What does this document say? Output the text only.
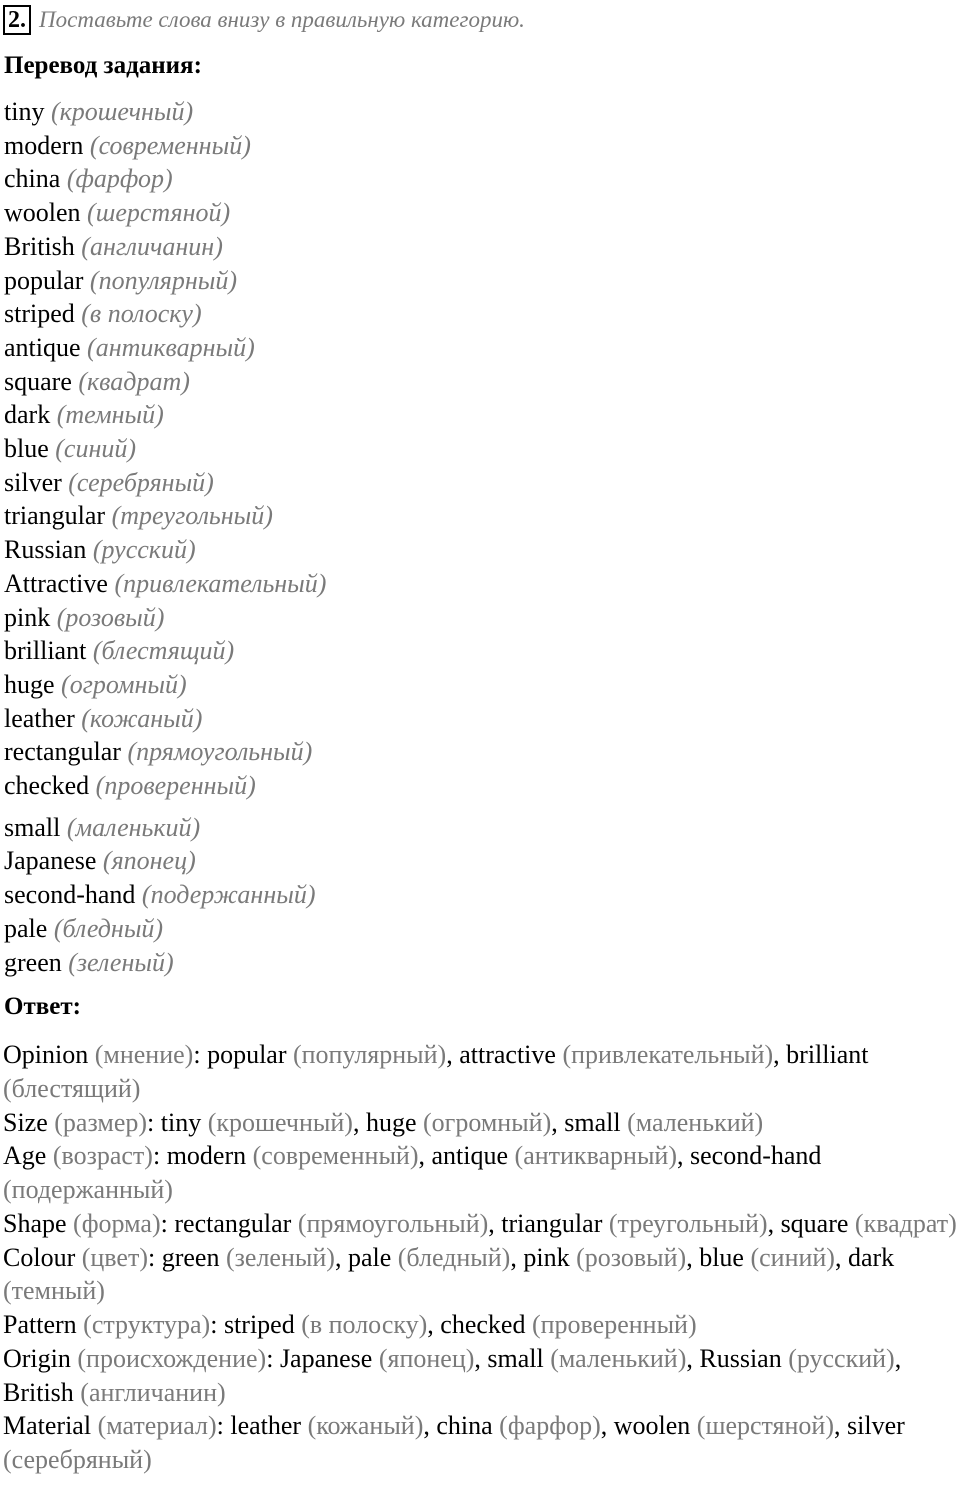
2. Поставьте слова внизу в правильную категорию.
Перевод задания:
tiny (крошечный)
modern (современный)
china (фарфор)
woolen (шерстяной)
British (англичанин)
popular (популярный)
striped (в полоску)
antique (антикварный)
square (квадрат)
dark (темный)
blue (синий)
silver (серебряный)
triangular (треугольный)
Russian (русский)
Attractive (привлекательный)
pink (розовый)
brilliant (блестящий)
huge (огромный)
leather (кожаный)
rectangular (прямоугольный)
checked (проверенный)
small (маленький)
Japanese (японец)
second-hand (подержанный)
pale (бледный)
green (зеленый)
Ответ:

Opinion (мнение): popular (популярный), attractive (привлекательный), brilliant (блестящий)

Size (размер): tiny (крошечный), huge (огромный), small (маленький)

Age (возраст): modern (современный), antique (антикварный), second-hand (подержанный)

Shape (форма): rectangular (прямоугольный), triangular (треугольный), square (квадрат)

Colour (цвет): green (зеленый), pale (бледный), pink (розовый), blue (синий), dark (темный)

Pattern (структура): striped (в полоску), checked (проверенный)

Origin (происхождение): Japanese (японец), small (маленький), Russian (русский), British (англичанин)

Material (материал): leather (кожаный), china (фарфор), woolen (шерстяной), silver (серебряный)
